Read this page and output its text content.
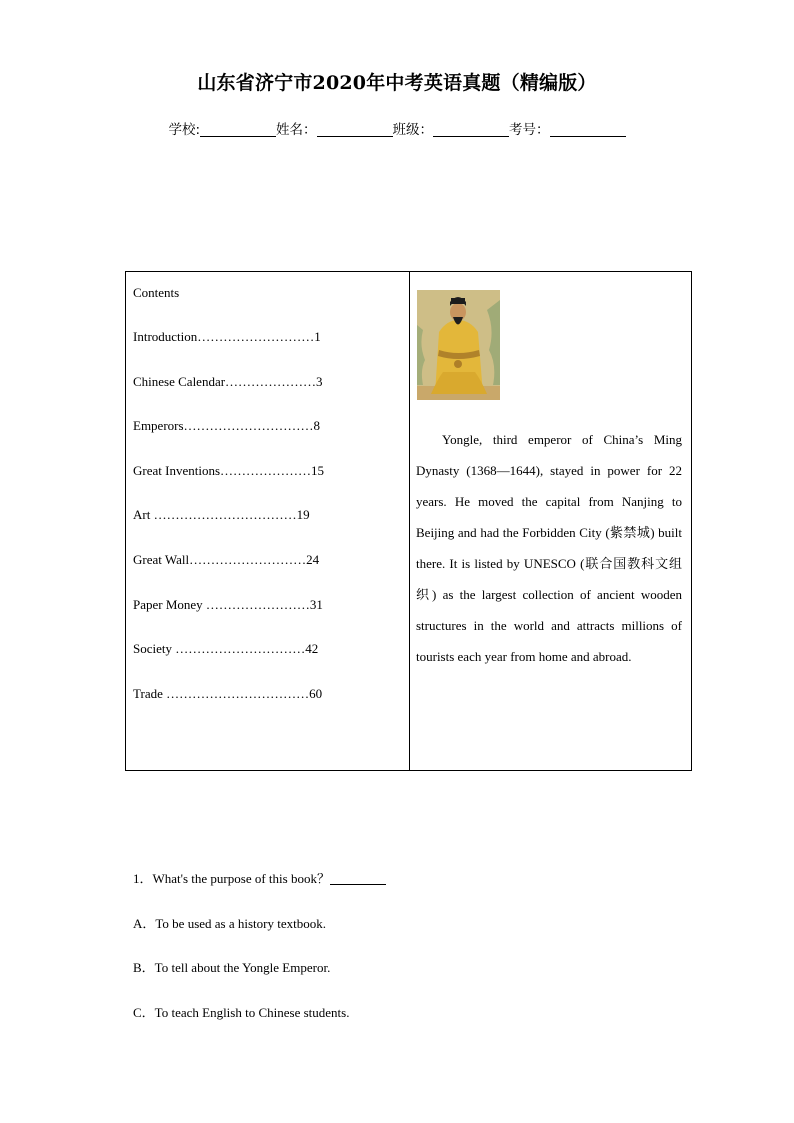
山东省济宁市2020年中考英语真题（精编版）
学校:	姓名：	班级：	考号：
Contents
Introduction………………………1
Chinese Calendar…………………3
Emperors…………………………8
Great Inventions…………………15
Art ……………………………19
Great Wall………………………24
Paper Money ……………………31
Society …………………………42
Trade ……………………………60

Yongle, third emperor of China’s Ming Dynasty (1368—1644), stayed in power for 22 years. He moved the capital from Nanjing to Beijing and had the Forbidden City (紫禁城) built there. It is listed by UNESCO (联合国教科文组织) as the largest collection of ancient wooden structures in the world and attracts millions of tourists each year from home and abroad.

1．What's the purpose of this book？
A．To be used as a history textbook.
B．To tell about the Yongle Emperor.
C．To teach English to Chinese students.
